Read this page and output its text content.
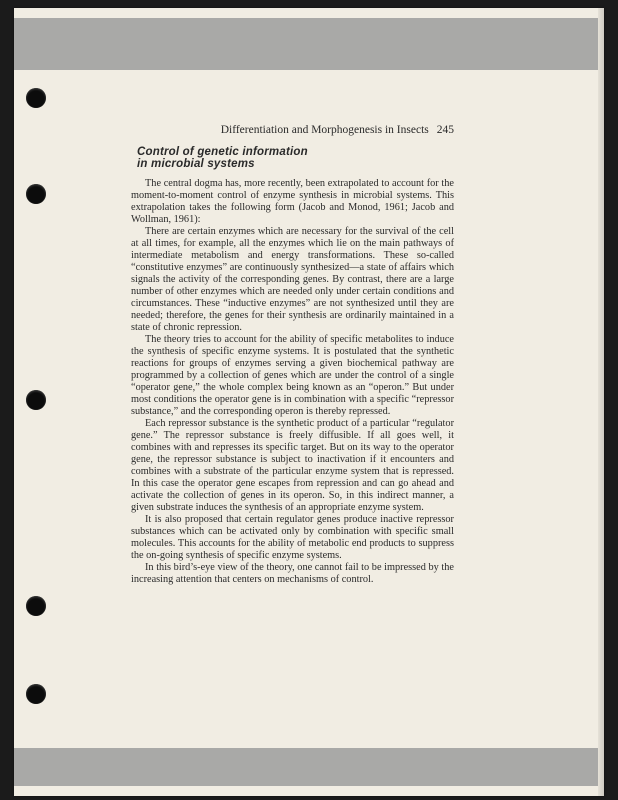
Differentiation and Morphogenesis in Insects 245
Control of genetic information
in microbial systems

The central dogma has, more recently, been extrapolated to account for the moment-to-moment control of enzyme synthesis in microbial systems. This extrapolation takes the following form (Jacob and Monod, 1961; Jacob and Wollman, 1961):

There are certain enzymes which are necessary for the survival of the cell at all times, for example, all the enzymes which lie on the main pathways of intermediate metabolism and energy transformations. These so-called “constitutive enzymes” are continuously synthesized—a state of affairs which signals the activity of the corresponding genes. By contrast, there are a large number of other enzymes which are needed only under certain conditions and circumstances. These “inductive enzymes” are not synthesized until they are needed; therefore, the genes for their synthesis are ordinarily maintained in a state of chronic repression.

The theory tries to account for the ability of specific metabolites to induce the synthesis of specific enzyme systems. It is postulated that the synthetic reactions for groups of enzymes serving a given biochemical pathway are programmed by a collection of genes which are under the control of a single “operator gene,” the whole complex being known as an “operon.” But under most conditions the operator gene is in combination with a specific “repressor substance,” and the corresponding operon is thereby repressed.

Each repressor substance is the synthetic product of a particular “regulator gene.” The repressor substance is freely diffusible. If all goes well, it combines with and represses its specific target. But on its way to the operator gene, the repressor substance is subject to inactivation if it encounters and combines with a substrate of the particular enzyme system that is repressed. In this case the operator gene escapes from repression and can go ahead and activate the collection of genes in its operon. So, in this indirect manner, a given substrate induces the synthesis of an appropriate enzyme system.

It is also proposed that certain regulator genes produce inactive repressor substances which can be activated only by combination with specific small molecules. This accounts for the ability of metabolic end products to suppress the on-going synthesis of specific enzyme systems.

In this bird’s-eye view of the theory, one cannot fail to be impressed by the increasing attention that centers on mechanisms of control.
